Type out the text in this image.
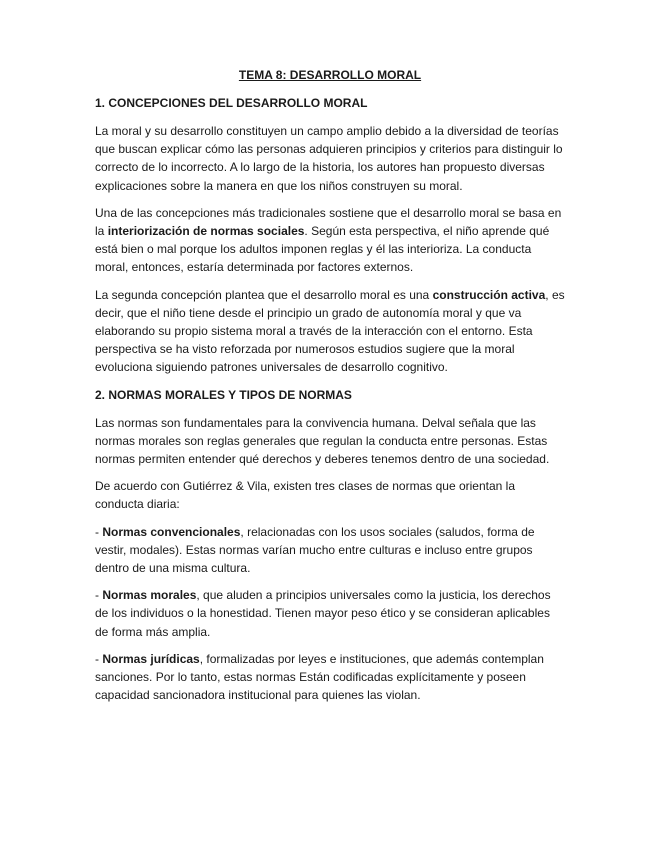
TEMA 8: DESARROLLO MORAL
1. CONCEPCIONES DEL DESARROLLO MORAL

La moral y su desarrollo constituyen un campo amplio debido a la diversidad de teorías que buscan explicar cómo las personas adquieren principios y criterios para distinguir lo correcto de lo incorrecto. A lo largo de la historia, los autores han propuesto diversas explicaciones sobre la manera en que los niños construyen su moral.

Una de las concepciones más tradicionales sostiene que el desarrollo moral se basa en la interiorización de normas sociales. Según esta perspectiva, el niño aprende qué está bien o mal porque los adultos imponen reglas y él las interioriza. La conducta moral, entonces, estaría determinada por factores externos.

La segunda concepción plantea que el desarrollo moral es una construcción activa, es decir, que el niño tiene desde el principio un grado de autonomía moral y que va elaborando su propio sistema moral a través de la interacción con el entorno. Esta perspectiva se ha visto reforzada por numerosos estudios sugiere que la moral evoluciona siguiendo patrones universales de desarrollo cognitivo.

2. NORMAS MORALES Y TIPOS DE NORMAS

Las normas son fundamentales para la convivencia humana. Delval señala que las normas morales son reglas generales que regulan la conducta entre personas. Estas normas permiten entender qué derechos y deberes tenemos dentro de una sociedad.

De acuerdo con Gutiérrez & Vila, existen tres clases de normas que orientan la conducta diaria:

- Normas convencionales, relacionadas con los usos sociales (saludos, forma de vestir, modales). Estas normas varían mucho entre culturas e incluso entre grupos dentro de una misma cultura.

- Normas morales, que aluden a principios universales como la justicia, los derechos de los individuos o la honestidad. Tienen mayor peso ético y se consideran aplicables de forma más amplia.

- Normas jurídicas, formalizadas por leyes e instituciones, que además contemplan sanciones. Por lo tanto, estas normas Están codificadas explícitamente y poseen capacidad sancionadora institucional para quienes las violan.
